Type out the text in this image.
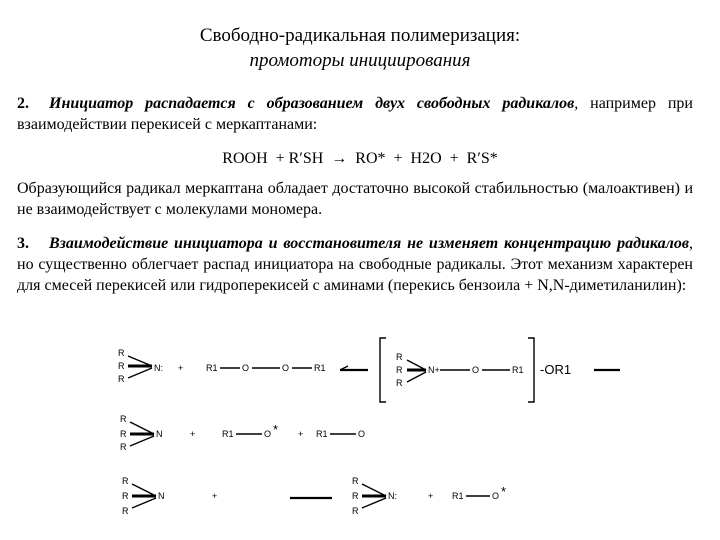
Свободно-радикальная полимеризация:
промоторы инициирования
2. Инициатор распадается с образованием двух свободных радикалов, например при взаимодействии перекисей с меркаптанами:
ROOH  + R′SH  →  RO*  +  H2O  +  R′S*
Образующийся радикал меркаптана обладает достаточно высокой стабильностью (малоактивен) и не взаимодействует с молекулами мономера.
3. Взаимодействие инициатора и восстановителя не изменяет концентрацию радикалов, но существенно облегчает распад инициатора на свободные радикалы. Этот механизм характерен для смесей перекисей или гидроперекисей с аминами (перекись бензоила + N,N-диметиланилин):
R
R
R
N: +	R1	O	O	R1
R
R
R
N+	O	R1 -OR1
R
R
R
N	+	R1	O * + R1	O
R
R
R
N	+
R
R
R
N:	+ R1	O *
